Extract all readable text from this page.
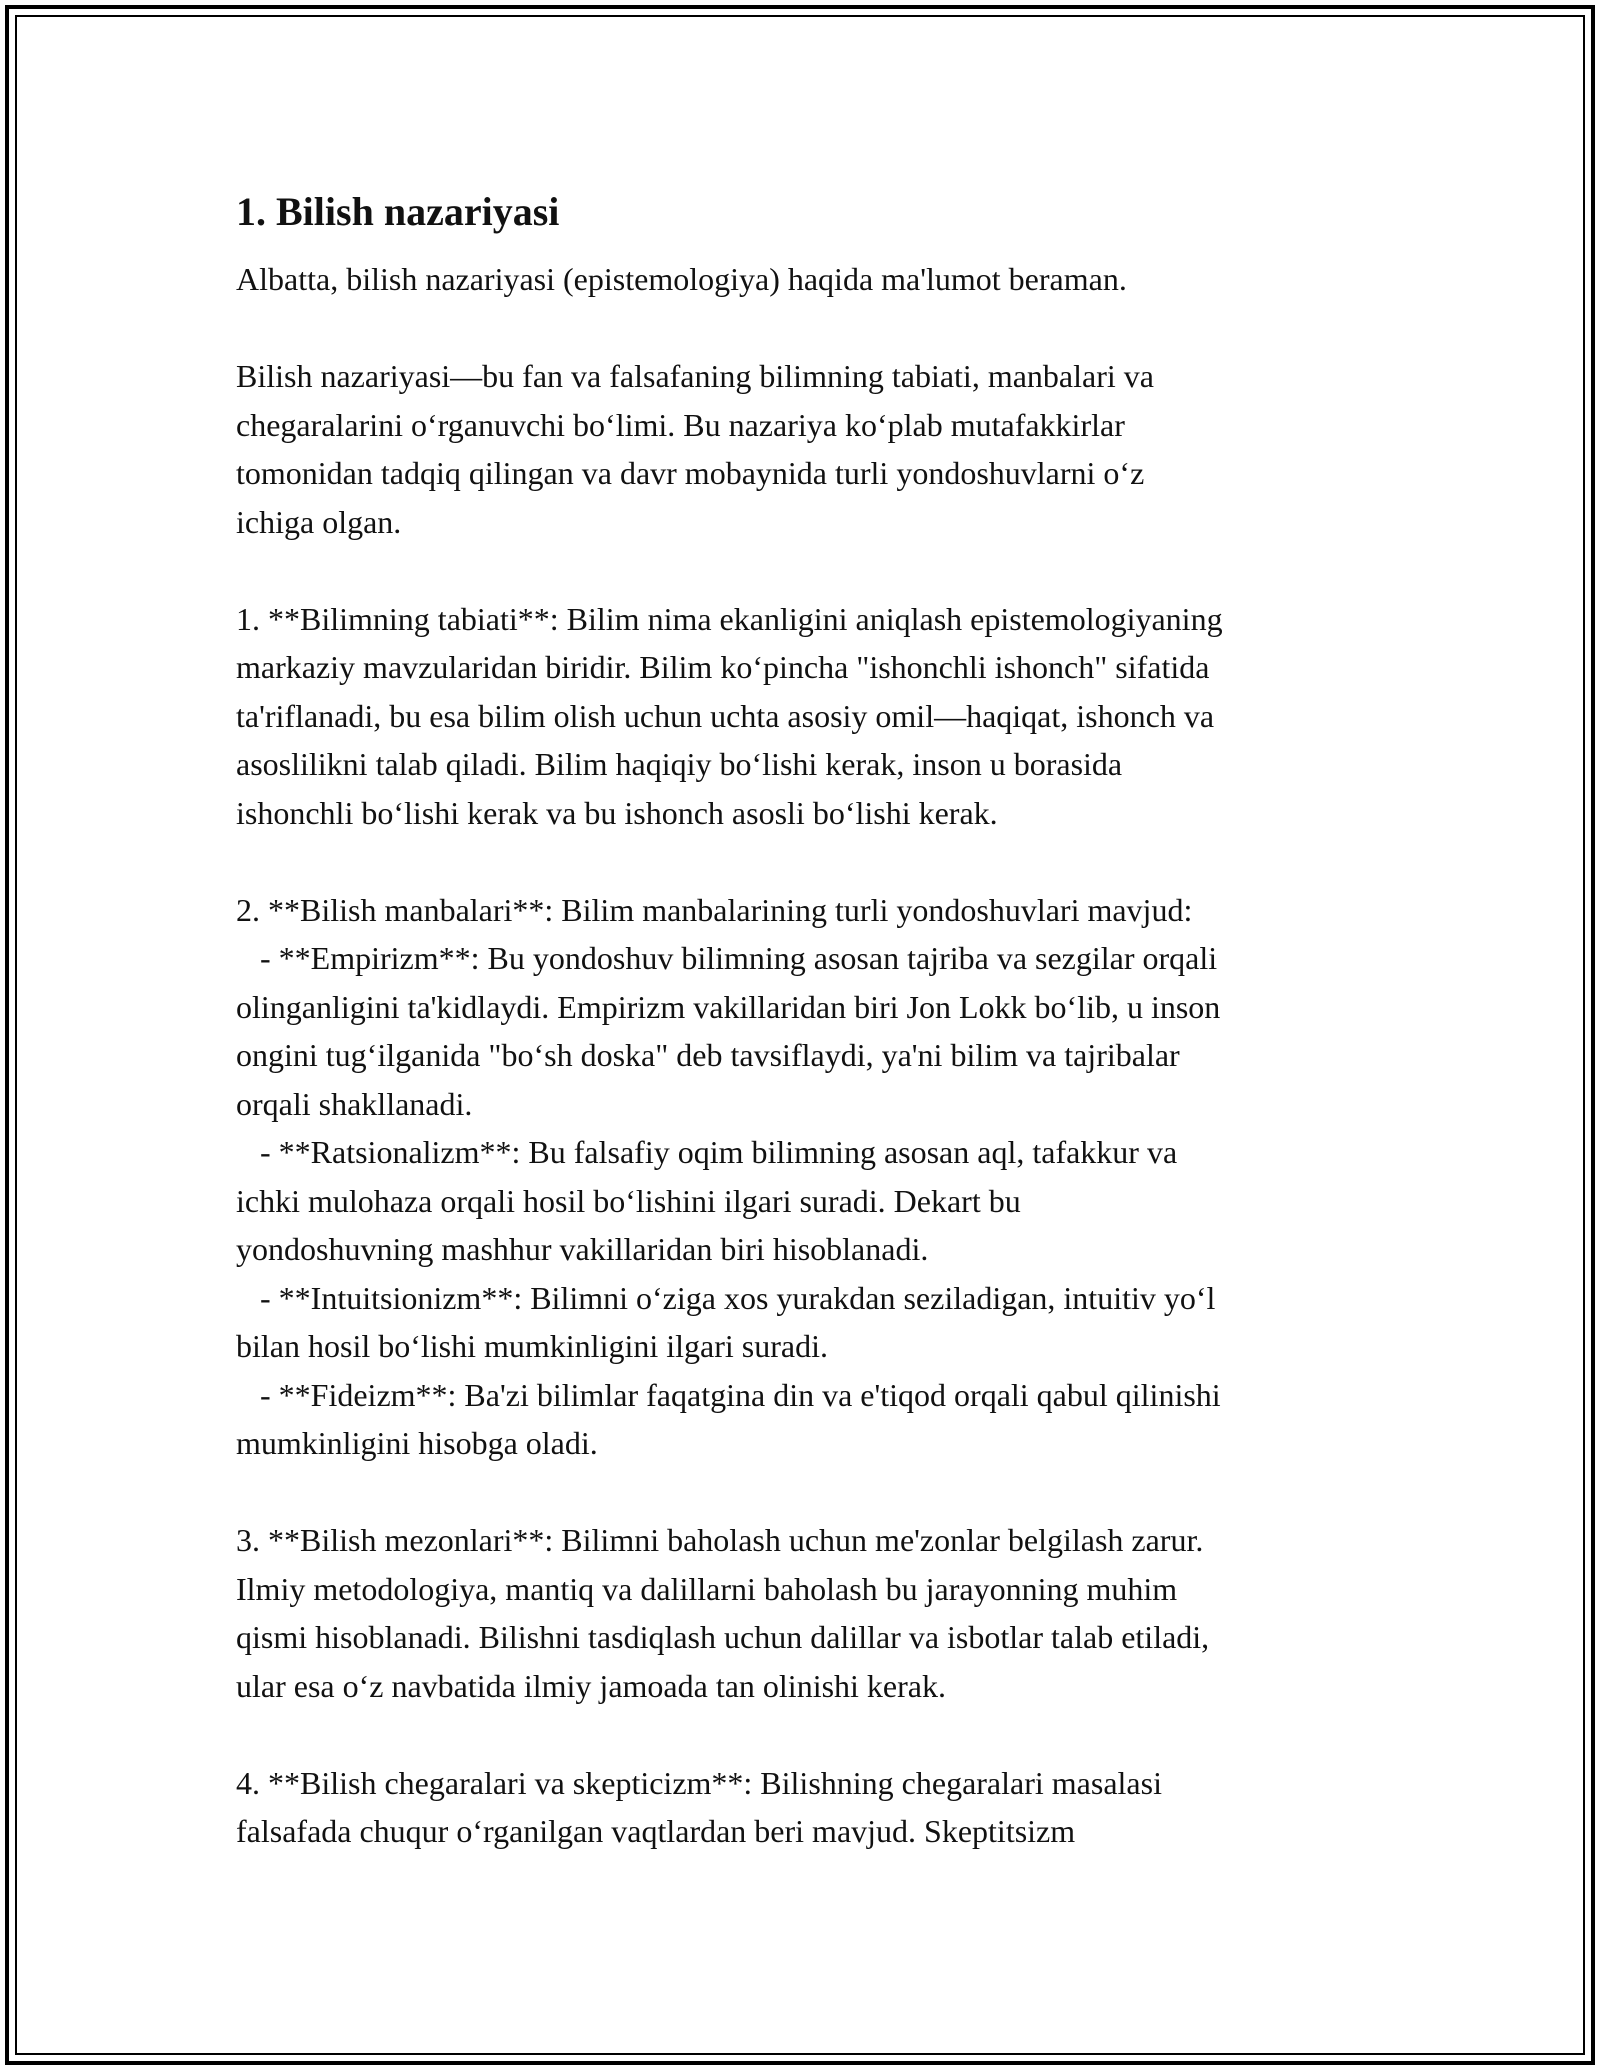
1. Bilish nazariyasi
Albatta, bilish nazariyasi (epistemologiya) haqida ma'lumot beraman.
Bilish nazariyasi—bu fan va falsafaning bilimning tabiati, manbalari va
chegaralarini oʻrganuvchi boʻlimi. Bu nazariya koʻplab mutafakkirlar
tomonidan tadqiq qilingan va davr mobaynida turli yondoshuvlarni oʻz
ichiga olgan.
1. **Bilimning tabiati**: Bilim nima ekanligini aniqlash epistemologiyaning
markaziy mavzularidan biridir. Bilim koʻpincha "ishonchli ishonch" sifatida
ta'riflanadi, bu esa bilim olish uchun uchta asosiy omil—haqiqat, ishonch va
asoslilikni talab qiladi. Bilim haqiqiy boʻlishi kerak, inson u borasida
ishonchli boʻlishi kerak va bu ishonch asosli boʻlishi kerak.
2. **Bilish manbalari**: Bilim manbalarining turli yondoshuvlari mavjud:
- **Empirizm**: Bu yondoshuv bilimning asosan tajriba va sezgilar orqali
olinganligini ta'kidlaydi. Empirizm vakillaridan biri Jon Lokk boʻlib, u inson
ongini tugʻilganida "boʻsh doska" deb tavsiflaydi, ya'ni bilim va tajribalar
orqali shakllanadi.
- **Ratsionalizm**: Bu falsafiy oqim bilimning asosan aql, tafakkur va
ichki mulohaza orqali hosil boʻlishini ilgari suradi. Dekart bu
yondoshuvning mashhur vakillaridan biri hisoblanadi.
- **Intuitsionizm**: Bilimni oʻziga xos yurakdan seziladigan, intuitiv yoʻl
bilan hosil boʻlishi mumkinligini ilgari suradi.
- **Fideizm**: Ba'zi bilimlar faqatgina din va e'tiqod orqali qabul qilinishi
mumkinligini hisobga oladi.
3. **Bilish mezonlari**: Bilimni baholash uchun me'zonlar belgilash zarur.
Ilmiy metodologiya, mantiq va dalillarni baholash bu jarayonning muhim
qismi hisoblanadi. Bilishni tasdiqlash uchun dalillar va isbotlar talab etiladi,
ular esa oʻz navbatida ilmiy jamoada tan olinishi kerak.
4. **Bilish chegaralari va skepticizm**: Bilishning chegaralari masalasi
falsafada chuqur oʻrganilgan vaqtlardan beri mavjud. Skeptitsizm
